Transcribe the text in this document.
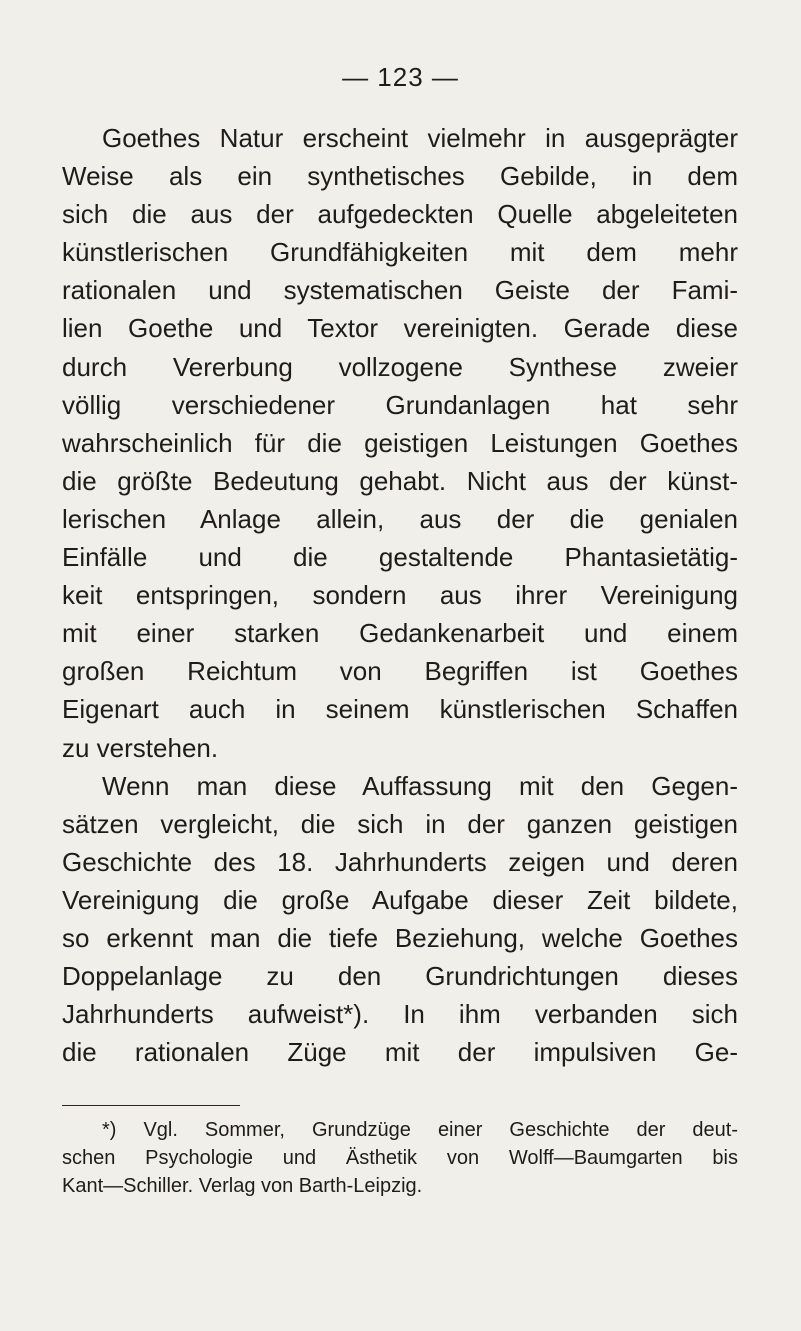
— 123 —
Goethes Natur erscheint vielmehr in ausgeprägter
Weise als ein synthetisches Gebilde, in dem
sich die aus der aufgedeckten Quelle abgeleiteten
künstlerischen Grundfähigkeiten mit dem mehr
rationalen und systematischen Geiste der Fami-
lien Goethe und Textor vereinigten. Gerade diese
durch Vererbung vollzogene Synthese zweier
völlig verschiedener Grundanlagen hat sehr
wahrscheinlich für die geistigen Leistungen Goethes
die größte Bedeutung gehabt. Nicht aus der künst-
lerischen Anlage allein, aus der die genialen
Einfälle und die gestaltende Phantasietätig-
keit entspringen, sondern aus ihrer Vereinigung
mit einer starken Gedankenarbeit und einem
großen Reichtum von Begriffen ist Goethes
Eigenart auch in seinem künstlerischen Schaffen
zu verstehen.
Wenn man diese Auffassung mit den Gegen-
sätzen vergleicht, die sich in der ganzen geistigen
Geschichte des 18. Jahrhunderts zeigen und deren
Vereinigung die große Aufgabe dieser Zeit bildete,
so erkennt man die tiefe Beziehung, welche Goethes
Doppelanlage zu den Grundrichtungen dieses
Jahrhunderts aufweist*). In ihm verbanden sich
die rationalen Züge mit der impulsiven Ge-
*) Vgl. Sommer, Grundzüge einer Geschichte der deut-
schen Psychologie und Ästhetik von Wolff—Baumgarten bis
Kant—Schiller. Verlag von Barth-Leipzig.
